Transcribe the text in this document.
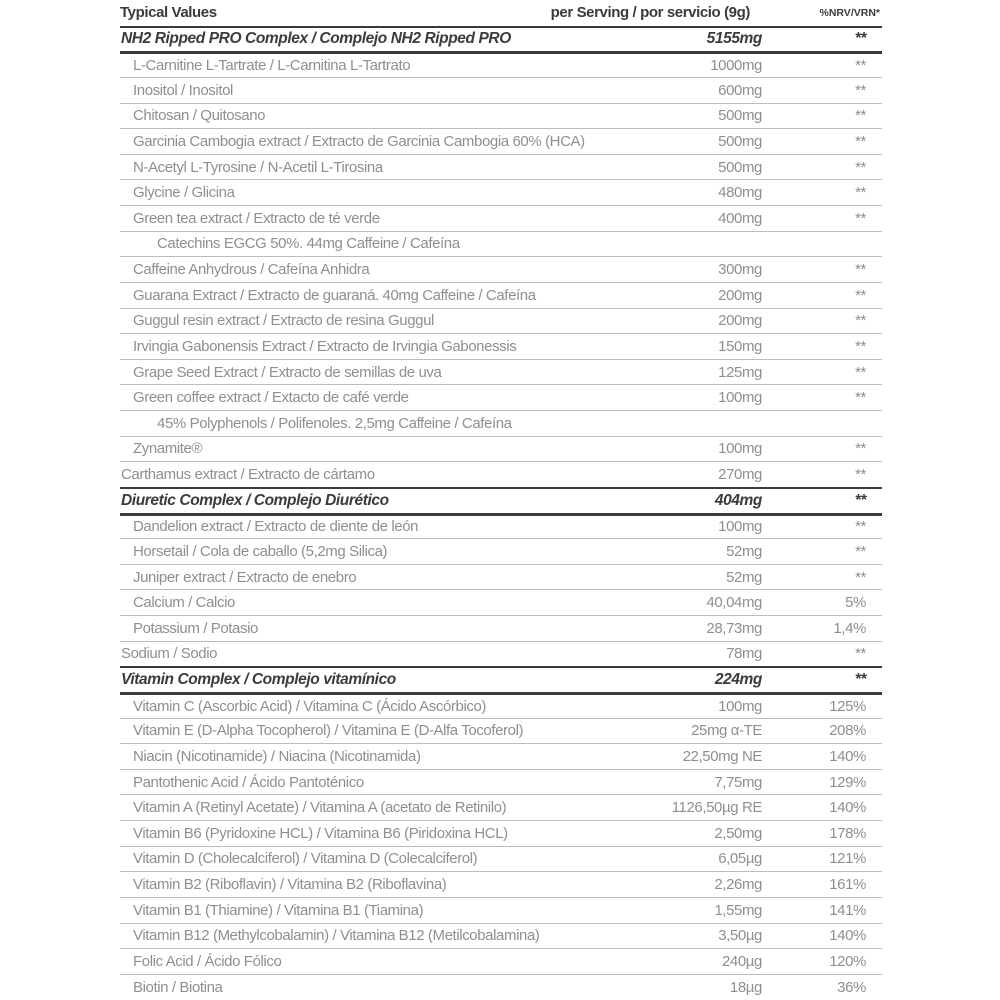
Typical Values	per Serving / por servicio (9g)	%NRV/VRN*
NH2 Ripped PRO Complex / Complejo NH2 Ripped PRO	5155mg	**
L-Carnitine L-Tartrate / L-Carnitina L-Tartrato	1000mg	**
Inositol / Inositol	600mg	**
Chitosan / Quitosano	500mg	**
Garcinia Cambogia extract / Extracto de Garcinia Cambogia 60% (HCA)	500mg	**
N-Acetyl L-Tyrosine / N-Acetil L-Tirosina	500mg	**
Glycine / Glicina	480mg	**
Green tea extract / Extracto de té verde	400mg	**
Catechins EGCG 50%. 44mg Caffeine / Cafeína
Caffeine Anhydrous / Cafeína Anhidra	300mg	**
Guarana Extract / Extracto de guaraná. 40mg Caffeine / Cafeína	200mg	**
Guggul resin extract / Extracto de resina Guggul	200mg	**
Irvingia Gabonensis Extract / Extracto de Irvingia Gabonessis	150mg	**
Grape Seed Extract / Extracto de semillas de uva	125mg	**
Green coffee extract / Extacto de café verde	100mg	**
45% Polyphenols / Polifenoles. 2,5mg Caffeine / Cafeína
Zynamite®	100mg	**
Carthamus extract / Extracto de cártamo	270mg	**
Diuretic Complex / Complejo Diurético	404mg	**
Dandelion extract / Extracto de diente de león	100mg	**
Horsetail / Cola de caballo (5,2mg Silica)	52mg	**
Juniper extract / Extracto de enebro	52mg	**
Calcium / Calcio	40,04mg	5%
Potassium / Potasio	28,73mg	1,4%
Sodium / Sodio	78mg	**
Vitamin Complex / Complejo vitamínico	224mg	**
Vitamin C (Ascorbic Acid) / Vitamina C (Ácido Ascórbico)	100mg	125%
Vitamin E (D-Alpha Tocopherol) / Vitamina E (D-Alfa Tocoferol)	25mg α-TE	208%
Niacin (Nicotinamide) / Niacina (Nicotinamida)	22,50mg NE	140%
Pantothenic Acid / Ácido Pantoténico	7,75mg	129%
Vitamin A (Retinyl Acetate) / Vitamina A (acetato de Retinilo)	1126,50µg RE	140%
Vitamin B6 (Pyridoxine HCL) / Vitamina B6 (Piridoxina HCL)	2,50mg	178%
Vitamin D (Cholecalciferol) / Vitamina D (Colecalciferol)	6,05µg	121%
Vitamin B2 (Riboflavin) / Vitamina B2 (Riboflavina)	2,26mg	161%
Vitamin B1 (Thiamine) / Vitamina B1 (Tiamina)	1,55mg	141%
Vitamin B12 (Methylcobalamin) / Vitamina B12 (Metilcobalamina)	3,50µg	140%
Folic Acid / Ácido Fólico	240µg	120%
Biotin / Biotina	18µg	36%
